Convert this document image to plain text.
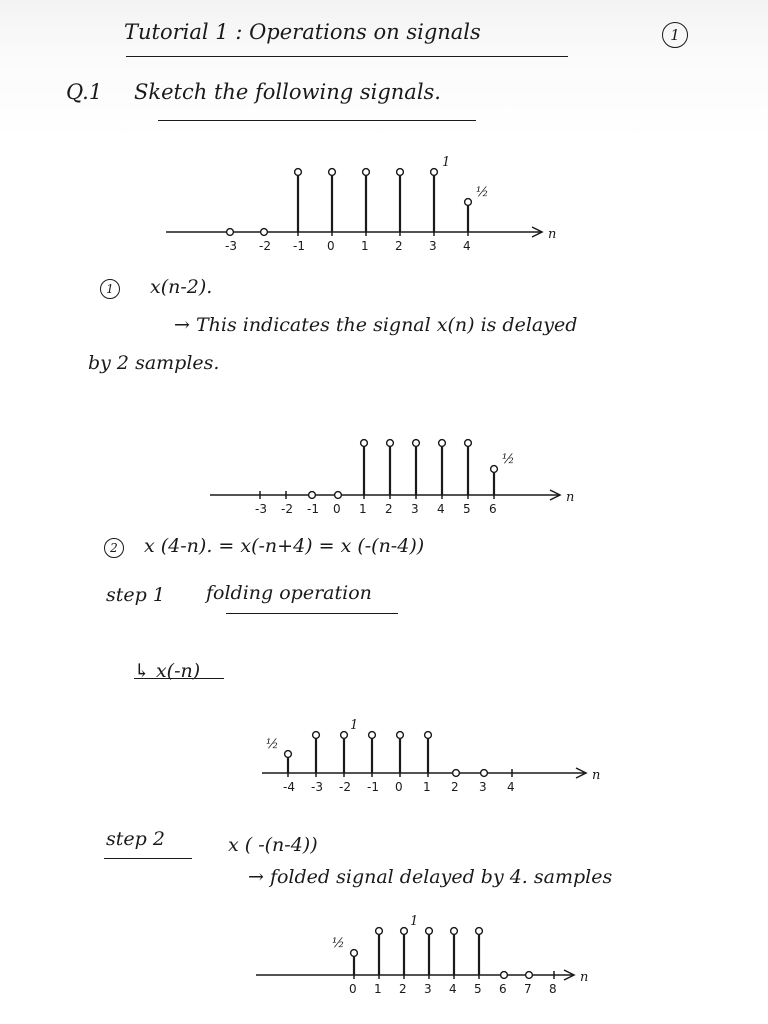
Tutorial 1 : Operations on signals	1
Q.1 Sketch the following signals.
n
-3 -2 -1 0 1 2 3 4
½
1
n
-3 -2 -1 0 1 2 3 4 5 6
½
n
-4 -3 -2 -1 0 1 2 3 4
½
1
n
0 1 2 3 4 5 6 7 8
½
1
1	x(n-2).
→ This indicates the signal x(n) is delayed
by 2 samples.
2	x (4-n). = x(-n+4) = x (-(n-4))
step 1 folding operation
↳ x(-n)
step 2	x ( -(n-4))
→ folded signal delayed by 4. samples
